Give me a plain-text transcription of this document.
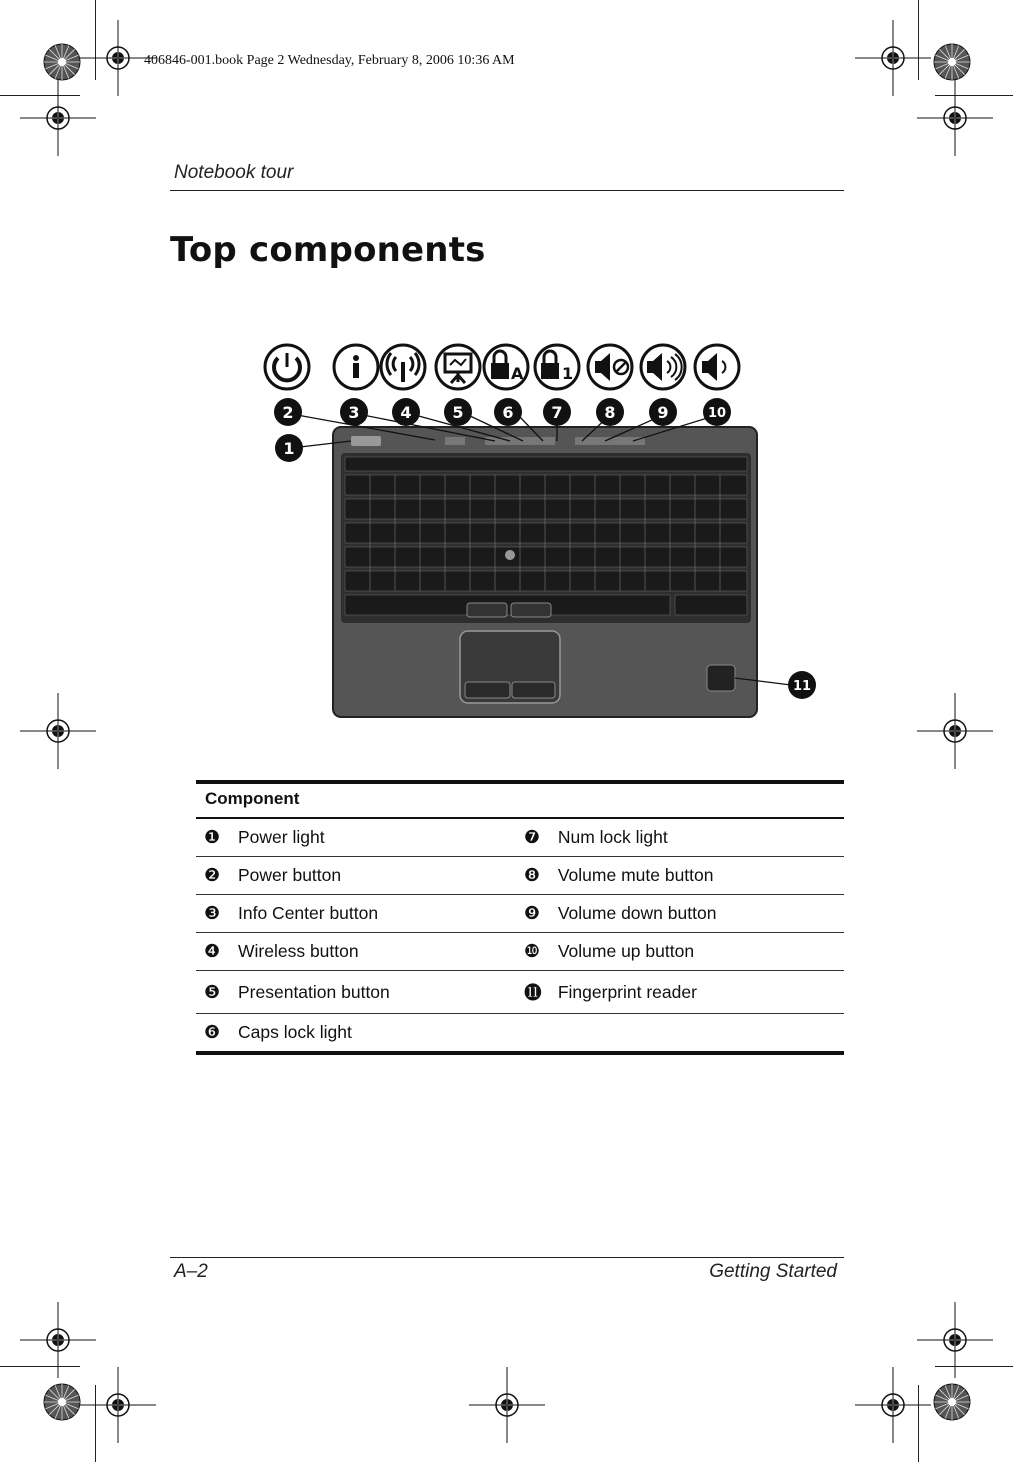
406846-001.book Page 2 Wednesday, February 8, 2006 10:36 AM
Notebook tour
Top components
A 1
1
2	3	4	5 6 7	8	9	10
11

Component			
❶	Power light	❼	Num lock light
❷	Power button	❽	Volume mute button
❸	Info Center button	❾	Volume down button
❹	Wireless button	❿	Volume up button
❺	Presentation button	⓫	Fingerprint reader
❻	Caps lock light		
A–2	Getting Started
